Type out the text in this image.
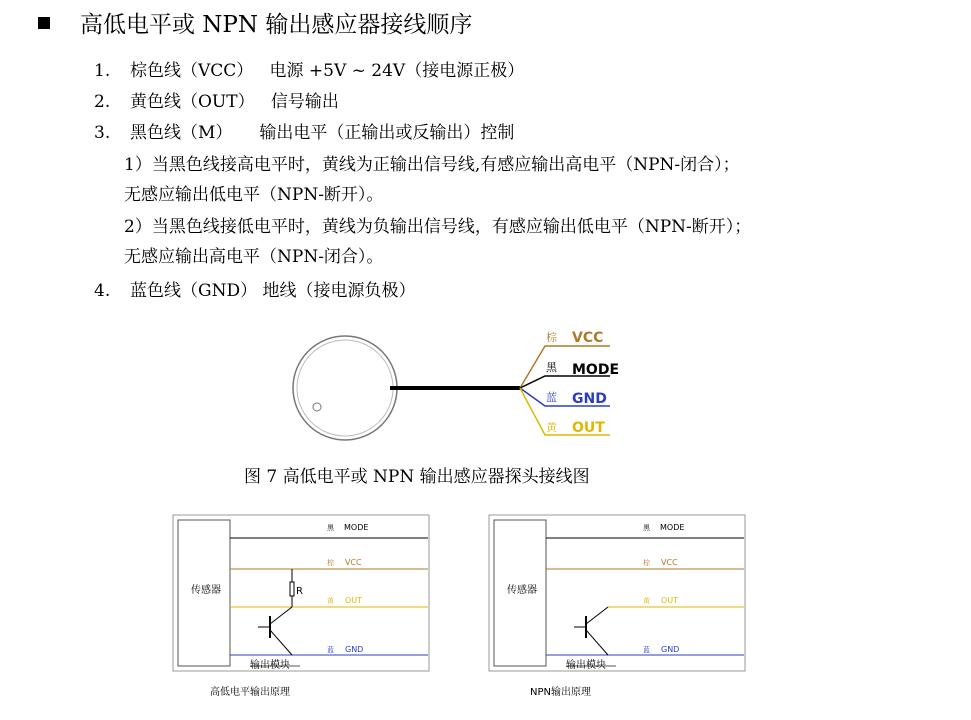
高低电平或 NPN 输出感应器接线顺序
1. 棕色线（VCC）   电源 +5V ~ 24V（接电源正极）
2. 黄色线（OUT）   信号输出
3. 黑色线（M）     输出电平（正输出或反输出）控制
1）当黑色线接高电平时，黄线为正输出信号线,有感应输出高电平（NPN-闭合）；
无感应输出低电平（NPN-断开）。
2）当黑色线接低电平时，黄线为负输出信号线，有感应输出低电平（NPN-断开）；
无感应输出高电平（NPN-闭合）。
4. 蓝色线（GND） 地线（接电源负极）
棕 VCC
黑 MODE
蓝 GND
黄 OUT
图 7 高低电平或 NPN 输出感应器探头接线图
传感器	R
输出模块
黑 MODE
棕 VCC
黄 OUT
蓝 GND
高低电平输出原理
传感器
输出模块
黑 MODE
棕 VCC
黄 OUT
蓝 GND
NPN输出原理
